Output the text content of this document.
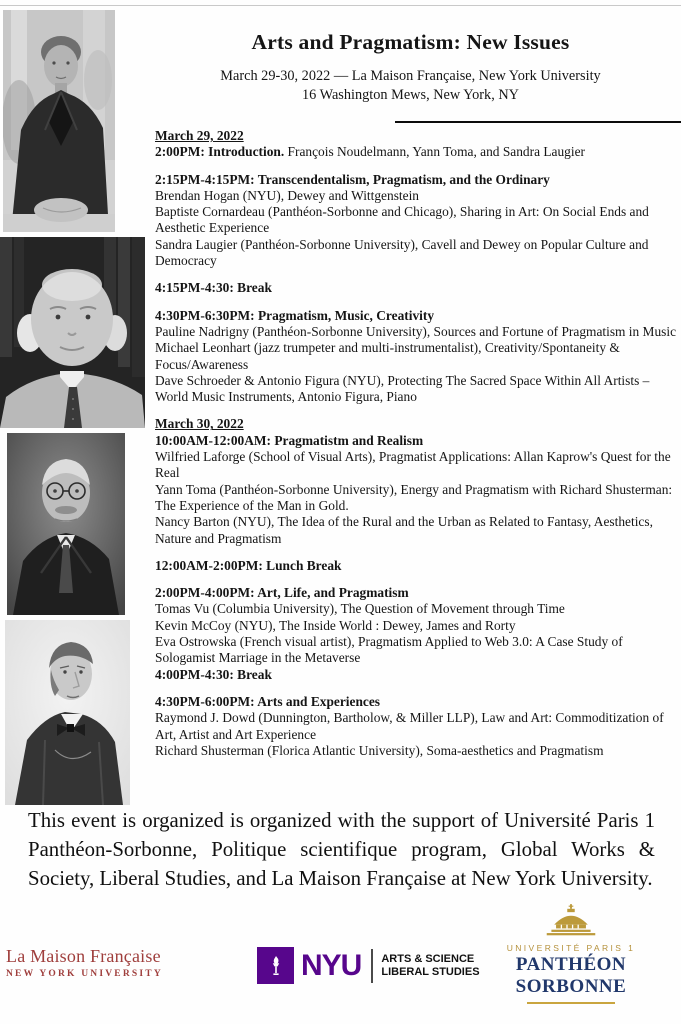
Arts and Pragmatism: New Issues
March 29-30, 2022 — La Maison Française, New York University
16 Washington Mews, New York, NY
March 29, 2022
2:00PM: Introduction. François Noudelmann, Yann Toma, and Sandra Laugier
2:15PM-4:15PM: Transcendentalism, Pragmatism, and the Ordinary
Brendan Hogan (NYU), Dewey and Wittgenstein
Baptiste Cornardeau (Panthéon-Sorbonne and Chicago), Sharing in Art: On Social Ends and Aesthetic Experience
Sandra Laugier (Panthéon-Sorbonne University), Cavell and Dewey on Popular Culture and Democracy
4:15PM-4:30: Break
4:30PM-6:30PM: Pragmatism, Music, Creativity
Pauline Nadrigny (Panthéon-Sorbonne University), Sources and Fortune of Pragmatism in Music
Michael Leonhart (jazz trumpeter and multi-instrumentalist), Creativity/Spontaneity & Focus/Awareness
Dave Schroeder & Antonio Figura (NYU), Protecting The Sacred Space Within All Artists – World Music Instruments, Antonio Figura, Piano
March 30, 2022
10:00AM-12:00AM: Pragmatistm and Realism
Wilfried Laforge (School of Visual Arts), Pragmatist Applications: Allan Kaprow's Quest for the Real
Yann Toma (Panthéon-Sorbonne University), Energy and Pragmatism with Richard Shusterman: The Experience of the Man in Gold.
Nancy Barton (NYU), The Idea of the Rural and the Urban as Related to Fantasy, Aesthetics, Nature and Pragmatism
12:00AM-2:00PM: Lunch Break
2:00PM-4:00PM: Art, Life, and Pragmatism
Tomas Vu (Columbia University), The Question of Movement through Time
Kevin McCoy (NYU), The Inside World : Dewey, James and Rorty
Eva Ostrowska (French visual artist), Pragmatism Applied to Web 3.0: A Case Study of Sologamist Marriage in the Metaverse
4:00PM-4:30: Break
4:30PM-6:00PM: Arts and Experiences
Raymond J. Dowd (Dunnington, Bartholow, & Miller LLP), Law and Art: Commoditization of Art, Artist and Art Experience
Richard Shusterman (Florica Atlantic University), Soma-aesthetics and Pragmatism
This event is organized is organized with the support of Université Paris 1 Panthéon-Sorbonne, Politique scientifique program, Global Works & Society, Liberal Studies, and La Maison Française at New York University.
La Maison Française
NEW YORK UNIVERSITY	NYU ARTS & SCIENCE
LIBERAL STUDIES
UNIVERSITÉ PARIS 1
PANTHÉON SORBONNE
